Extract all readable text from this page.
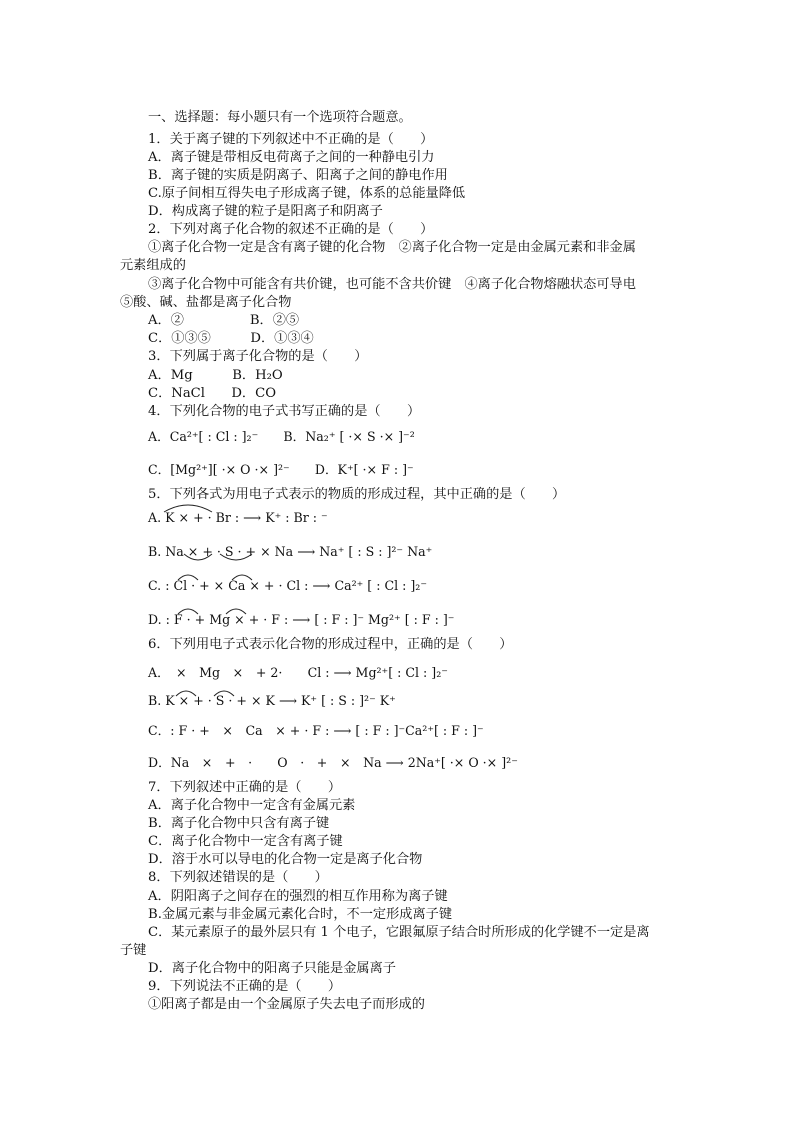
一、选择题：每小题只有一个选项符合题意。
1．关于离子键的下列叙述中不正确的是（　　）
A．离子键是带相反电荷离子之间的一种静电引力
B．离子键的实质是阴离子、阳离子之间的静电作用
C.原子间相互得失电子形成离子键，体系的总能量降低
D．构成离子键的粒子是阳离子和阴离子
2．下列对离子化合物的叙述不正确的是（　　）
①离子化合物一定是含有离子键的化合物　②离子化合物一定是由金属元素和非金属
元素组成的
③离子化合物中可能含有共价键，也可能不含共价键　④离子化合物熔融状态可导电
⑤酸、碱、盐都是离子化合物
A．②　　　　　B．②⑤
C．①③⑤　　　D．①③④
3．下列属于离子化合物的是（　　）
A．Mg　　　B．H₂O
C．NaCl　　D．CO
4．下列化合物的电子式书写正确的是（　　）
A．Ca²⁺[ : Cl : ]₂⁻　　B．Na₂⁺ [ ·× S ·× ]⁻²
C．[Mg²⁺][ ·× O ·× ]²⁻　　D．K⁺[ ·× F : ]⁻
5．下列各式为用电子式表示的物质的形成过程，其中正确的是（　　）
A. K × + · Br : ⟶ K⁺ : Br : ⁻
B. Na × + · S · + × Na ⟶ Na⁺ [ : S : ]²⁻ Na⁺
C. : Cl · + × Ca × + · Cl : ⟶ Ca²⁺ [ : Cl : ]₂⁻
D. : F · + Mg × + · F : ⟶ [ : F : ]⁻ Mg²⁺ [ : F : ]⁻
6．下列用电子式表示化合物的形成过程中，正确的是（　　）
A．　×　Mg　×　+ 2·　　Cl : ⟶ Mg²⁺[ : Cl : ]₂⁻
B. K × + · S · + × K ⟶ K⁺ [ : S : ]²⁻ K⁺
C．: F · +　×　Ca　× + · F : ⟶ [ : F : ]⁻Ca²⁺[ : F : ]⁻
D．Na　×　+　·　　O　·　+　×　Na ⟶ 2Na⁺[ ·× O ·× ]²⁻
7．下列叙述中正确的是（　　）
A．离子化合物中一定含有金属元素
B．离子化合物中只含有离子键
C．离子化合物中一定含有离子键
D．溶于水可以导电的化合物一定是离子化合物
8．下列叙述错误的是（　　）
A．阴阳离子之间存在的强烈的相互作用称为离子键
B.金属元素与非金属元素化合时，不一定形成离子键
C．某元素原子的最外层只有 1 个电子，它跟氟原子结合时所形成的化学键不一定是离
子键
D．离子化合物中的阳离子只能是金属离子
9．下列说法不正确的是（　　）
①阳离子都是由一个金属原子失去电子而形成的
